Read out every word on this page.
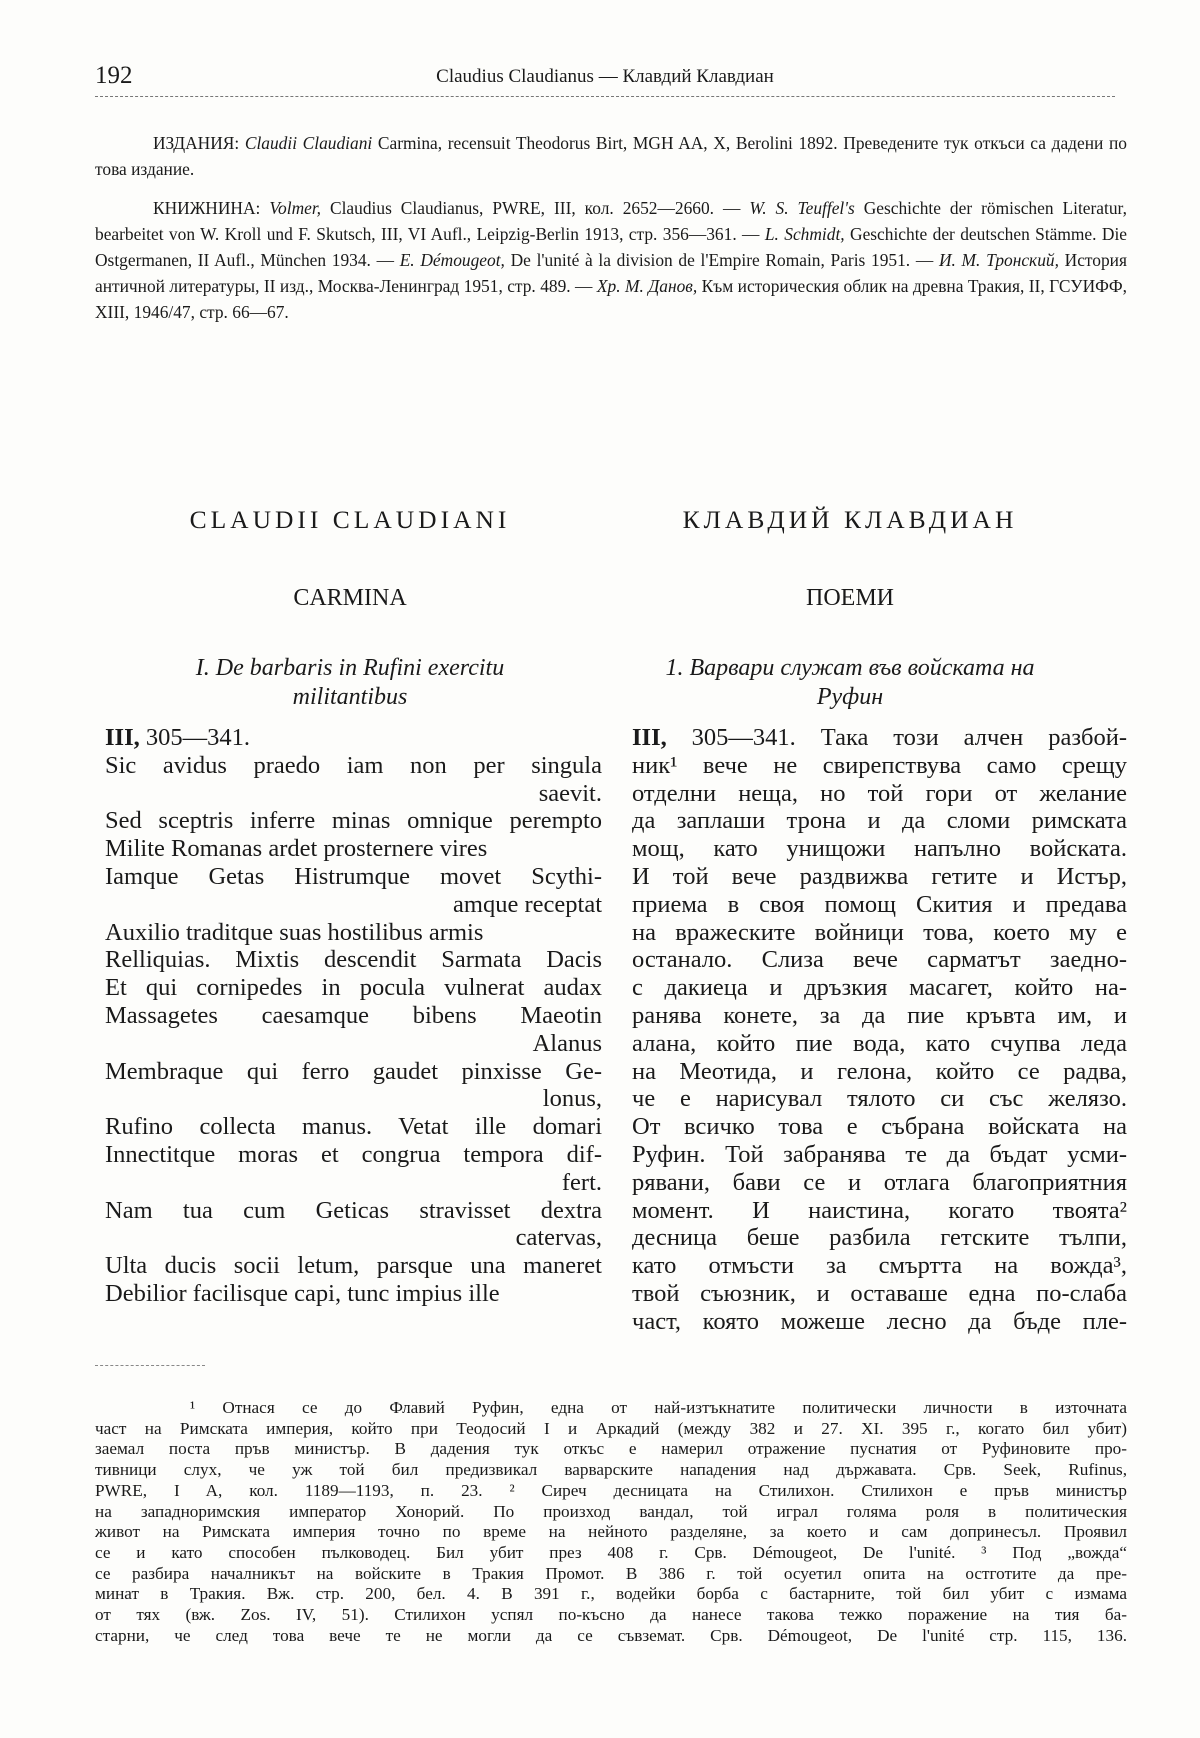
192	Claudius Claudianus — Клавдий Клавдиан

ИЗДАНИЯ: Claudii Claudiani Carmina, recensuit Theodorus Birt, MGH AA, X, Berolini 1892. Преведените тук откъси са дадени по това издание.

КНИЖНИНА: Volmer, Claudius Claudianus, PWRE, III, кол. 2652—2660. — W. S. Teuffel's Geschichte der römischen Literatur, bearbeitet von W. Kroll und F. Skutsch, III, VI Aufl., Leipzig-Berlin 1913, стр. 356—361. — L. Schmidt, Geschichte der deutschen Stämme. Die Ostgermanen, II Aufl., München 1934. — E. Démougeot, De l'unité à la division de l'Empire Romain, Paris 1951. — И. М. Тронский, История античной литературы, II изд., Москва-Ленинград 1951, стр. 489. — Хр. М. Данов, Към историческия облик на древна Тракия, II, ГСУИФФ, XIII, 1946/47, стр. 66—67.

CLAUDII CLAUDIANI	КЛАВДИЙ КЛАВДИАН
CARMINA	ПОЕМИ
I. De barbaris in Rufini exercitu
militantibus
1. Варвари служат във войската на
Руфин
III, 305—341.
Sic avidus praedo iam non per singula
saevit.
Sed sceptris inferre minas omnique perempto
Milite Romanas ardet prosternere vires
Iamque Getas Histrumque movet Scythi-
amque receptat
Auxilio traditque suas hostilibus armis
Relliquias. Mixtis descendit Sarmata Dacis
Et qui cornipedes in pocula vulnerat audax
Massagetes caesamque bibens Maeotin
Alanus
Membraque qui ferro gaudet pinxisse Ge-
lonus,
Rufino collecta manus. Vetat ille domari
Innectitque moras et congrua tempora dif-
fert.
Nam tua cum Geticas stravisset dextra
catervas,
Ulta ducis socii letum, parsque una maneret
Debilior facilisque capi, tunc impius ille
III, 305—341. Така този алчен разбой-
ник¹ вече не свирепствува само срещу
отделни неща, но той гори от желание
да заплаши трона и да сломи римската
мощ, като унищожи напълно войската.
И той вече раздвижва гетите и Истър,
приема в своя помощ Скития и предава
на вражеските войници това, което му е
останало. Слиза вече сарматът заедно-
с дакиеца и дръзкия масагет, който на-
ранява конете, за да пие кръвта им, и
алана, който пие вода, като счупва леда
на Меотида, и гелона, който се радва,
че е нарисувал тялото си със желязо.
От всичко това е събрана войската на
Руфин. Той забранява те да бъдат усми-
рявани, бави се и отлага благоприятния
момент. И наистина, когато твоята²
десница беше разбила гетските тълпи,
като отмъсти за смъртта на вожда³,
твой съюзник, и оставаше една по-слаба
част, която можеше лесно да бъде пле-
¹ Отнася се до Флавий Руфин, една от най-изтъкнатите политически личности в източната
част на Римската империя, който при Теодосий I и Аркадий (между 382 и 27. XI. 395 г., когато бил убит)
заемал поста пръв министър. В дадения тук откъс е намерил отражение пуснатия от Руфиновите про-
тивници слух, че уж той бил предизвикал варварските нападения над държавата. Срв. Seek, Rufinus,
PWRE, I A, кол. 1189—1193, п. 23. ² Сиреч десницата на Стилихон. Стилихон е пръв министър
на западноримския император Хонорий. По произход вандал, той играл голяма роля в политическия
живот на Римската империя точно по време на нейното разделяне, за което и сам допринесъл. Проявил
се и като способен пълководец. Бил убит през 408 г. Срв. Démougeot, De l'unité. ³ Под „вожда“
се разбира началникът на войските в Тракия Промот. В 386 г. той осуетил опита на остготите да пре-
минат в Тракия. Вж. стр. 200, бел. 4. В 391 г., водейки борба с бастарните, той бил убит с измама
от тях (вж. Zos. IV, 51). Стилихон успял по-късно да нанесе такова тежко поражение на тия ба-
старни, че след това вече те не могли да се съвземат. Срв. Démougeot, De l'unité стр. 115, 136.
